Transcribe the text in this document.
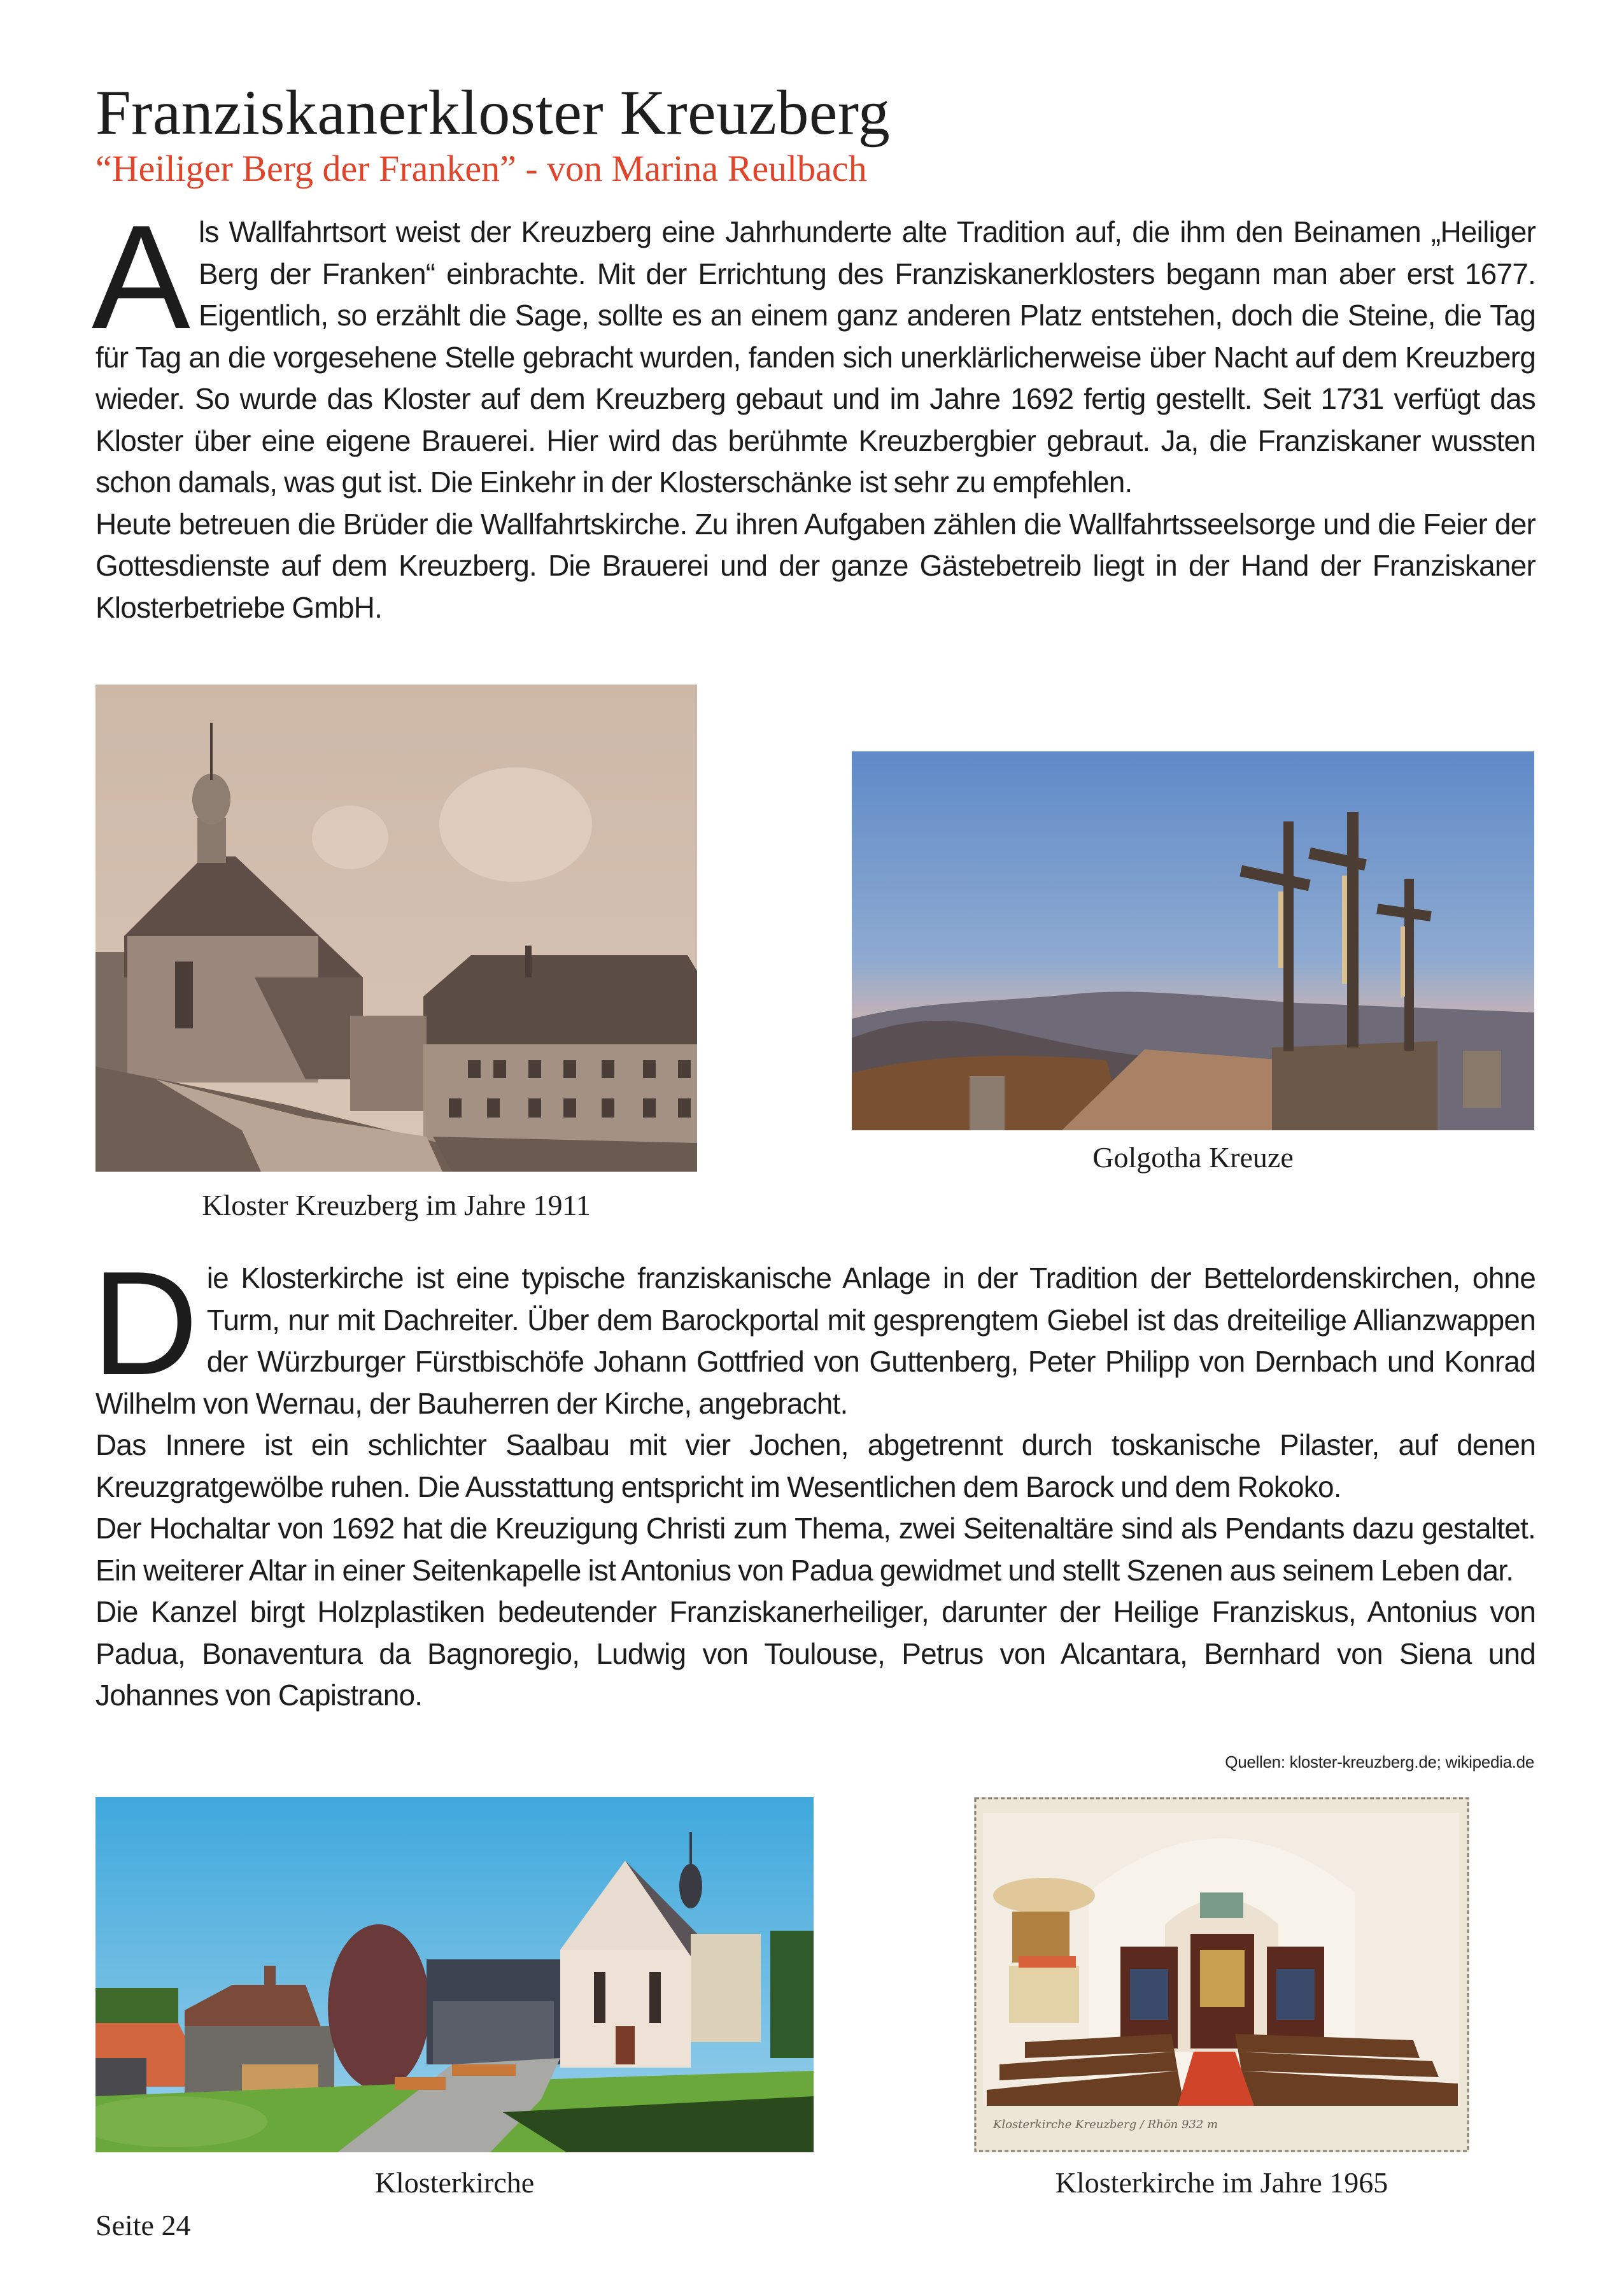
Franziskanerkloster Kreuzberg
“Heiliger Berg der Franken” - von Marina Reulbach

Als Wallfahrtsort weist der Kreuzberg eine Jahrhunderte alte Tradition auf, die ihm den Beinamen „Heiliger Berg der Franken“ einbrachte. Mit der Errichtung des Franziskanerklosters begann man aber erst 1677. Eigentlich, so erzählt die Sage, sollte es an einem ganz anderen Platz entstehen, doch die Steine, die Tag für Tag an die vorgesehene Stelle gebracht wurden, fanden sich unerklärlicherweise über Nacht auf dem Kreuzberg wieder. So wurde das Kloster auf dem Kreuzberg gebaut und im Jahre 1692 fertig gestellt. Seit 1731 verfügt das Kloster über eine eigene Brauerei. Hier wird das berühmte Kreuzbergbier gebraut. Ja, die Franziskaner wussten schon damals, was gut ist. Die Einkehr in der Klosterschänke ist sehr zu empfehlen.

Heute betreuen die Brüder die Wallfahrtskirche. Zu ihren Aufgaben zählen die Wallfahrtsseelsorge und die Feier der Gottesdienste auf dem Kreuzberg. Die Brauerei und der ganze Gästebetreib liegt in der Hand der Franziskaner Klosterbetriebe GmbH.

Kloster Kreuzberg im Jahre 1911
Golgotha Kreuze

Die Klosterkirche ist eine typische franziskanische Anlage in der Tradition der Bettelordenskirchen, ohne Turm, nur mit Dachreiter. Über dem Barockportal mit gesprengtem Giebel ist das dreiteilige Allianzwappen der Würzburger Fürstbischöfe Johann Gottfried von Guttenberg, Peter Philipp von Dernbach und Konrad Wilhelm von Wernau, der Bauherren der Kirche, angebracht.

Das Innere ist ein schlichter Saalbau mit vier Jochen, abgetrennt durch toskanische Pilaster, auf denen Kreuzgratgewölbe ruhen. Die Ausstattung entspricht im Wesentlichen dem Barock und dem Rokoko.

Der Hochaltar von 1692 hat die Kreuzigung Christi zum Thema, zwei Seitenaltäre sind als Pendants dazu gestaltet. Ein weiterer Altar in einer Seitenkapelle ist Antonius von Padua gewidmet und stellt Szenen aus seinem Leben dar.

Die Kanzel birgt Holzplastiken bedeutender Franziskanerheiliger, darunter der Heilige Franziskus, Antonius von Padua, Bonaventura da Bagnoregio, Ludwig von Toulouse, Petrus von Alcantara, Bernhard von Siena und Johannes von Capistrano.

Quellen: kloster-kreuzberg.de; wikipedia.de
Klosterkirche
Klosterkirche Kreuzberg / Rhön 932 m
Klosterkirche im Jahre 1965
Seite 24
